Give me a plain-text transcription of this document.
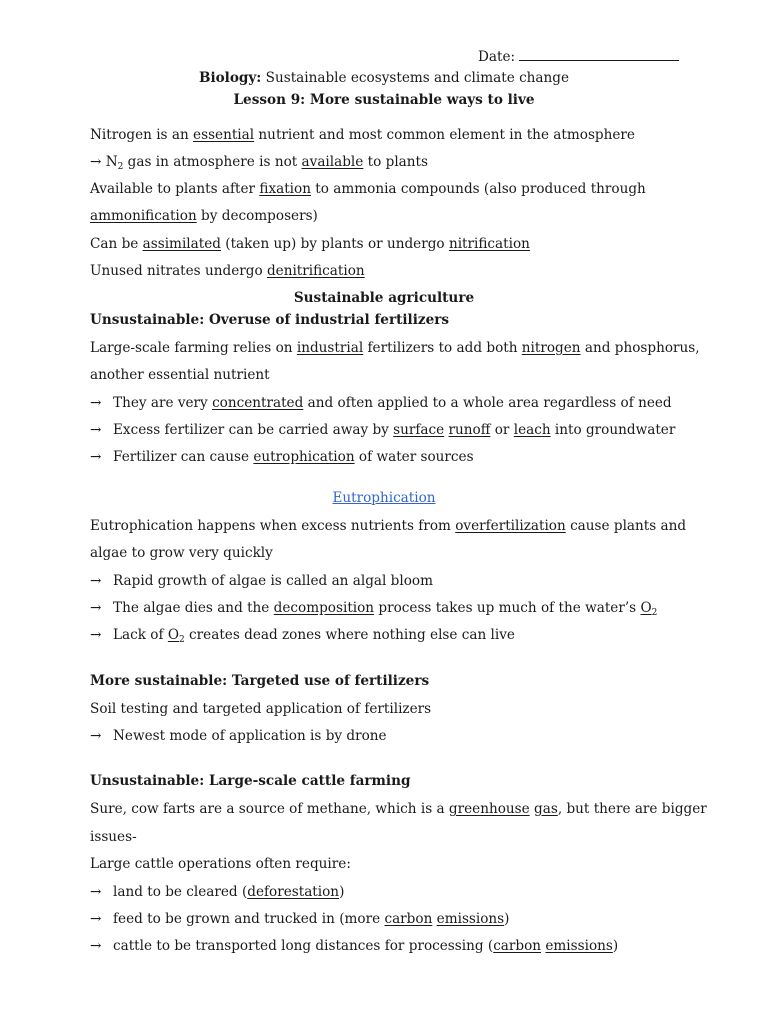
Date:
Biology: Sustainable ecosystems and climate change
Lesson 9: More sustainable ways to live
Nitrogen is an essential nutrient and most common element in the atmosphere
→ $N_2$ gas in atmosphere is not available to plants
Available to plants after fixation to ammonia compounds (also produced through
ammonification by decomposers)
Can be assimilated (taken up) by plants or undergo nitrification
Unused nitrates undergo denitrification
Sustainable agriculture
Unsustainable: Overuse of industrial fertilizers
Large-scale farming relies on industrial fertilizers to add both nitrogen and phosphorus,
another essential nutrient
→ They are very concentrated and often applied to a whole area regardless of need
→ Excess fertilizer can be carried away by surface runoff or leach into groundwater
→ Fertilizer can cause eutrophication of water sources
Eutrophication
Eutrophication happens when excess nutrients from overfertilization cause plants and
algae to grow very quickly
→ Rapid growth of algae is called an algal bloom
→ The algae dies and the decomposition process takes up much of the water’s $O_2$
→ Lack of $O_2$ creates dead zones where nothing else can live
More sustainable: Targeted use of fertilizers
Soil testing and targeted application of fertilizers
→ Newest mode of application is by drone
Unsustainable: Large-scale cattle farming
Sure, cow farts are a source of methane, which is a greenhouse gas, but there are bigger
issues-
Large cattle operations often require:
→ land to be cleared (deforestation)
→ feed to be grown and trucked in (more carbon emissions)
→ cattle to be transported long distances for processing (carbon emissions)
